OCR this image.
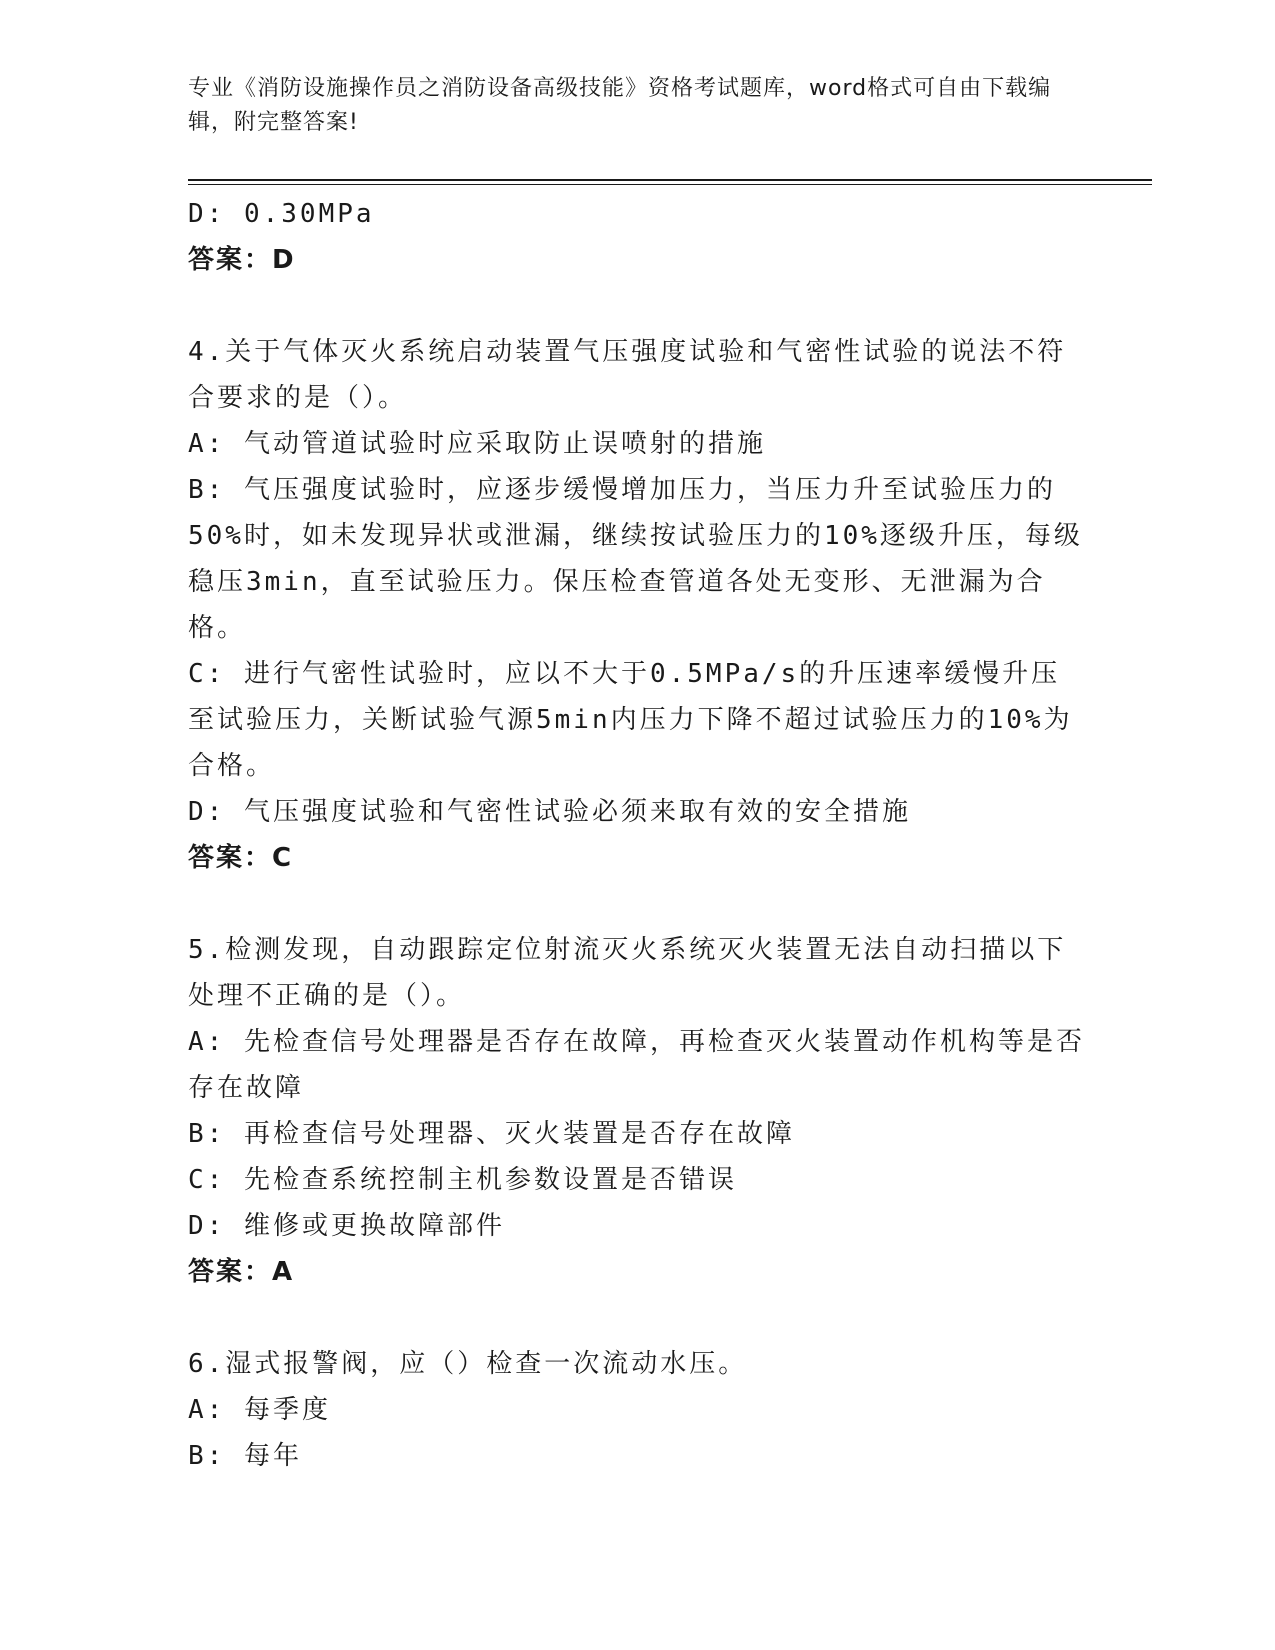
专业《消防设施操作员之消防设备高级技能》资格考试题库，word格式可自由下载编辑，附完整答案!

D: 0.30MPa

答案：D

4.关于气体灭火系统启动装置气压强度试验和气密性试验的说法不符合要求的是（）。

A: 气动管道试验时应采取防止误喷射的措施

B: 气压强度试验时，应逐步缓慢增加压力，当压力升至试验压力的50%时，如未发现异状或泄漏，继续按试验压力的10%逐级升压，每级稳压3min，直至试验压力。保压检查管道各处无变形、无泄漏为合格。

C: 进行气密性试验时，应以不大于0.5MPa/s的升压速率缓慢升压至试验压力，关断试验气源5min内压力下降不超过试验压力的10%为合格。

D: 气压强度试验和气密性试验必须来取有效的安全措施

答案：C

5.检测发现，自动跟踪定位射流灭火系统灭火装置无法自动扫描以下处理不正确的是（）。

A: 先检查信号处理器是否存在故障，再检查灭火装置动作机构等是否存在故障

B: 再检查信号处理器、灭火装置是否存在故障

C: 先检查系统控制主机参数设置是否错误

D: 维修或更换故障部件

答案：A

6.湿式报警阀，应（）检查一次流动水压。

A: 每季度

B: 每年
